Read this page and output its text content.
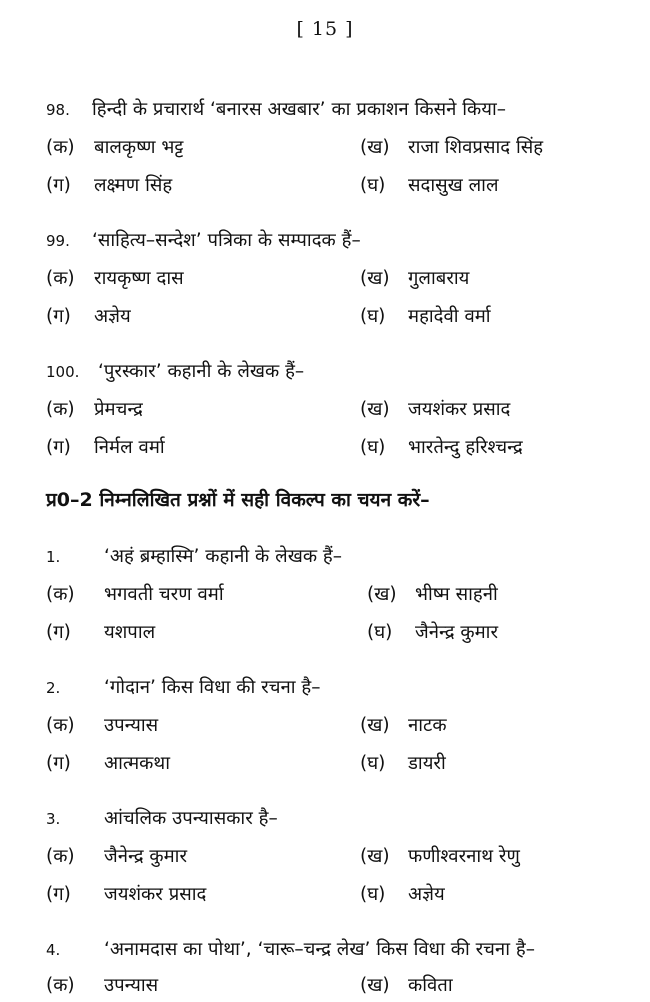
[ 15 ]
98. हिन्दी के प्रचारार्थ ‘बनारस अखबार’ का प्रकाशन किसने किया–
(क) बालकृष्ण भट्ट	(ख) राजा शिवप्रसाद सिंह
(ग) लक्ष्मण सिंह	(घ) सदासुख लाल
99. ‘साहित्य–सन्देश’ पत्रिका के सम्पादक हैं–
(क) रायकृष्ण दास	(ख) गुलाबराय
(ग) अज्ञेय	(घ) महादेवी वर्मा
100. ‘पुरस्कार’ कहानी के लेखक हैं–
(क) प्रेमचन्द्र	(ख) जयशंकर प्रसाद
(ग) निर्मल वर्मा	(घ) भारतेन्दु हरिश्चन्द्र
प्र0–2 निम्नलिखित प्रश्नों में सही विकल्प का चयन करें–
1. ‘अहं ब्रम्हास्मि’ कहानी के लेखक हैं–
(क) भगवती चरण वर्मा	(ख) भीष्म साहनी
(ग) यशपाल	(घ) जैनेन्द्र कुमार
2. ‘गोदान’ किस विधा की रचना है–
(क) उपन्यास	(ख) नाटक
(ग) आत्मकथा	(घ) डायरी
3. आंचलिक उपन्यासकार है–
(क) जैनेन्द्र कुमार	(ख) फणीश्वरनाथ रेणु
(ग) जयशंकर प्रसाद	(घ) अज्ञेय
4. ‘अनामदास का पोथा’, ‘चारू–चन्द्र लेख’ किस विधा की रचना है–
(क) उपन्यास	(ख) कविता
